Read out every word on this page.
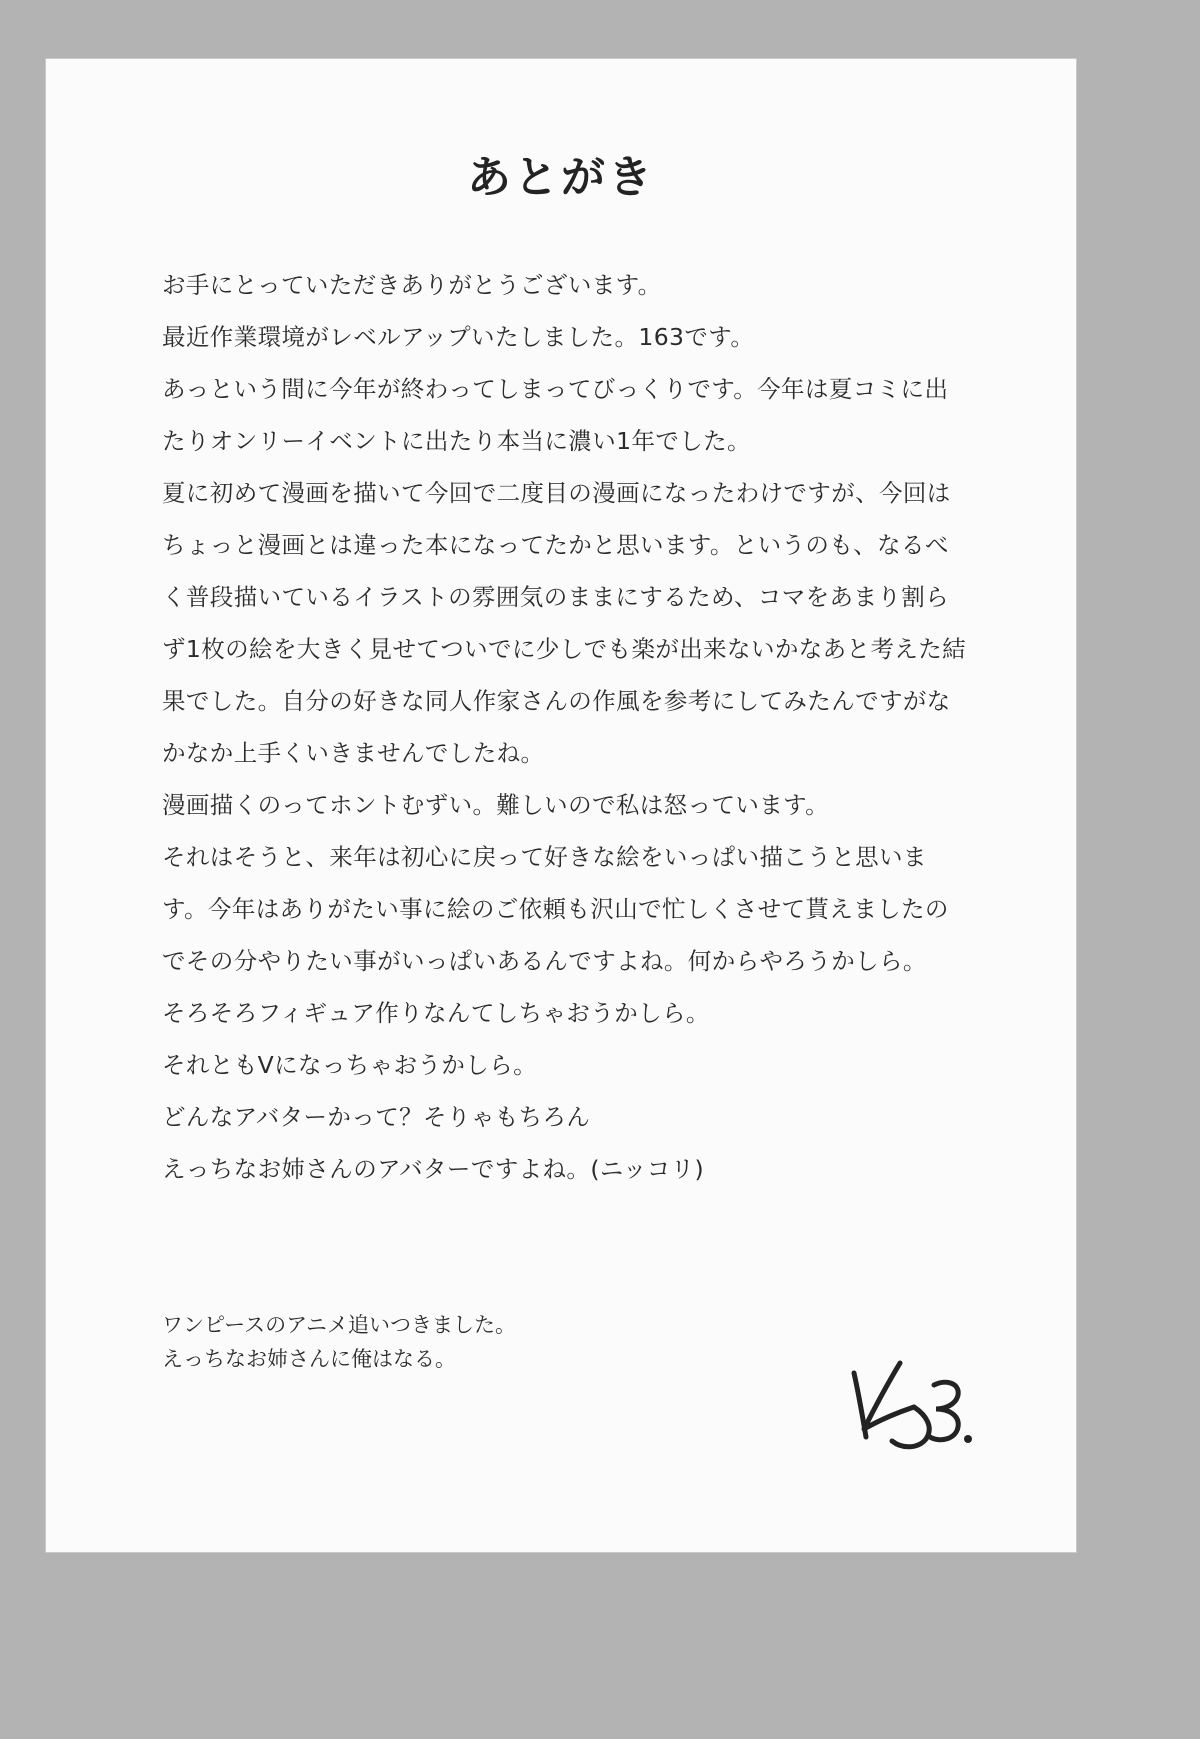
あとがき
お手にとっていただきありがとうございます。
最近作業環境がレベルアップいたしました。163です。
あっという間に今年が終わってしまってびっくりです。今年は夏コミに出
たりオンリーイベントに出たり本当に濃い1年でした。
夏に初めて漫画を描いて今回で二度目の漫画になったわけですが、今回は
ちょっと漫画とは違った本になってたかと思います。というのも、なるべ
く普段描いているイラストの雰囲気のままにするため、コマをあまり割ら
ず1枚の絵を大きく見せてついでに少しでも楽が出来ないかなあと考えた結
果でした。自分の好きな同人作家さんの作風を参考にしてみたんですがな
かなか上手くいきませんでしたね。
漫画描くのってホントむずい。難しいので私は怒っています。
それはそうと、来年は初心に戻って好きな絵をいっぱい描こうと思いま
す。今年はありがたい事に絵のご依頼も沢山で忙しくさせて貰えましたの
でその分やりたい事がいっぱいあるんですよね。何からやろうかしら。
そろそろフィギュア作りなんてしちゃおうかしら。
それともVになっちゃおうかしら。
どんなアバターかって？そりゃもちろん
えっちなお姉さんのアバターですよね。(ニッコリ)
ワンピースのアニメ追いつきました。
えっちなお姉さんに俺はなる。
